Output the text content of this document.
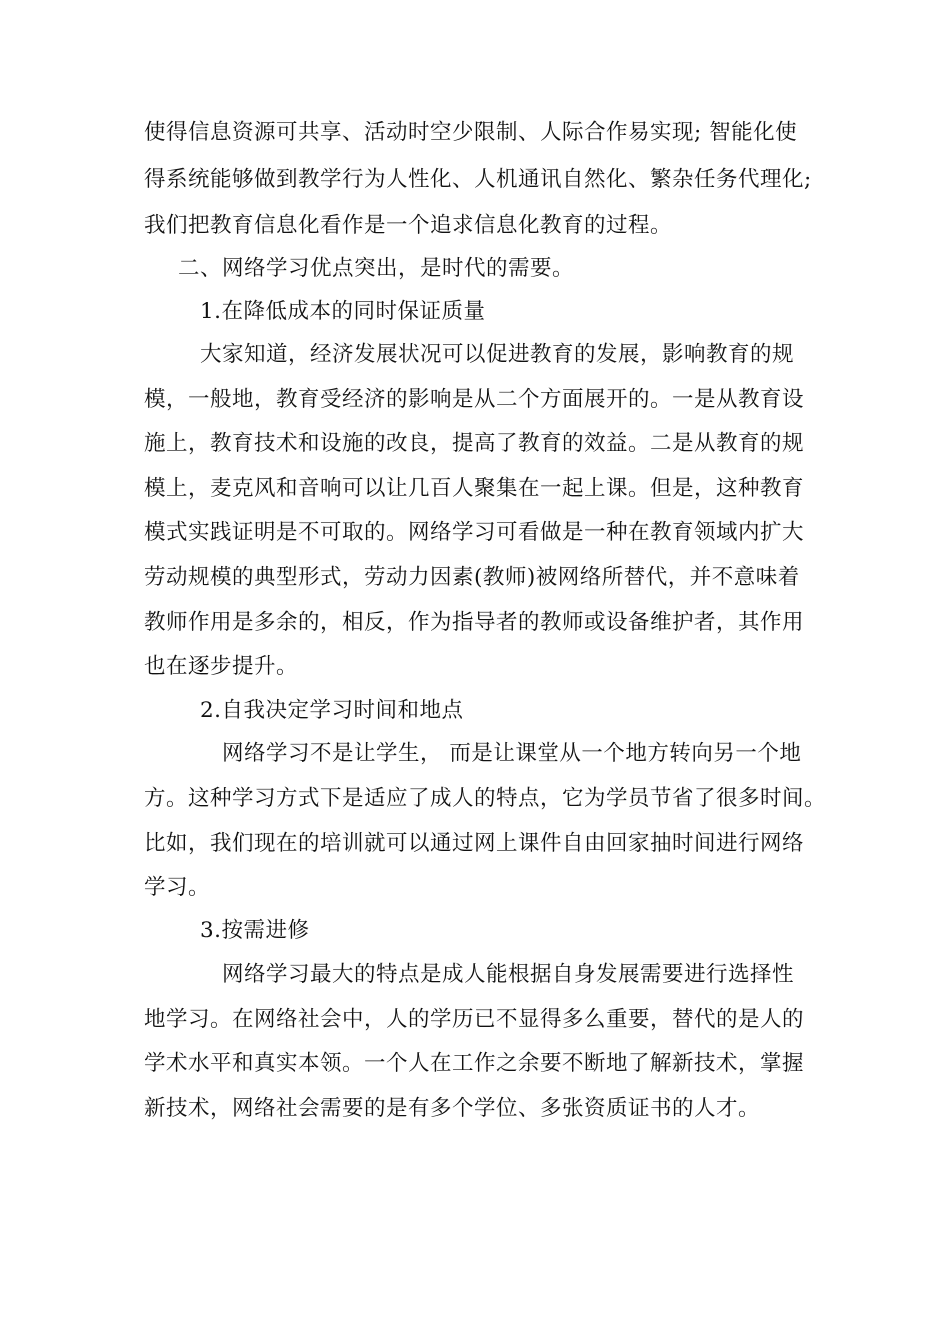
使得信息资源可共享、活动时空少限制、人际合作易实现; 智能化使
得系统能够做到教学行为人性化、人机通讯自然化、繁杂任务代理化;
我们把教育信息化看作是一个追求信息化教育的过程。
二、网络学习优点突出，是时代的需要。
1.在降低成本的同时保证质量
大家知道，经济发展状况可以促进教育的发展，影响教育的规
模，一般地，教育受经济的影响是从二个方面展开的。一是从教育设
施上，教育技术和设施的改良，提高了教育的效益。二是从教育的规
模上，麦克风和音响可以让几百人聚集在一起上课。但是，这种教育
模式实践证明是不可取的。网络学习可看做是一种在教育领域内扩大
劳动规模的典型形式，劳动力因素(教师)被网络所替代，并不意味着
教师作用是多余的，相反，作为指导者的教师或设备维护者，其作用
也在逐步提升。
2.自我决定学习时间和地点
网络学习不是让学生， 而是让课堂从一个地方转向另一个地
方。这种学习方式下是适应了成人的特点，它为学员节省了很多时间。
比如，我们现在的培训就可以通过网上课件自由回家抽时间进行网络
学习。
3.按需进修
网络学习最大的特点是成人能根据自身发展需要进行选择性
地学习。在网络社会中，人的学历已不显得多么重要，替代的是人的
学术水平和真实本领。一个人在工作之余要不断地了解新技术，掌握
新技术，网络社会需要的是有多个学位、多张资质证书的人才。
